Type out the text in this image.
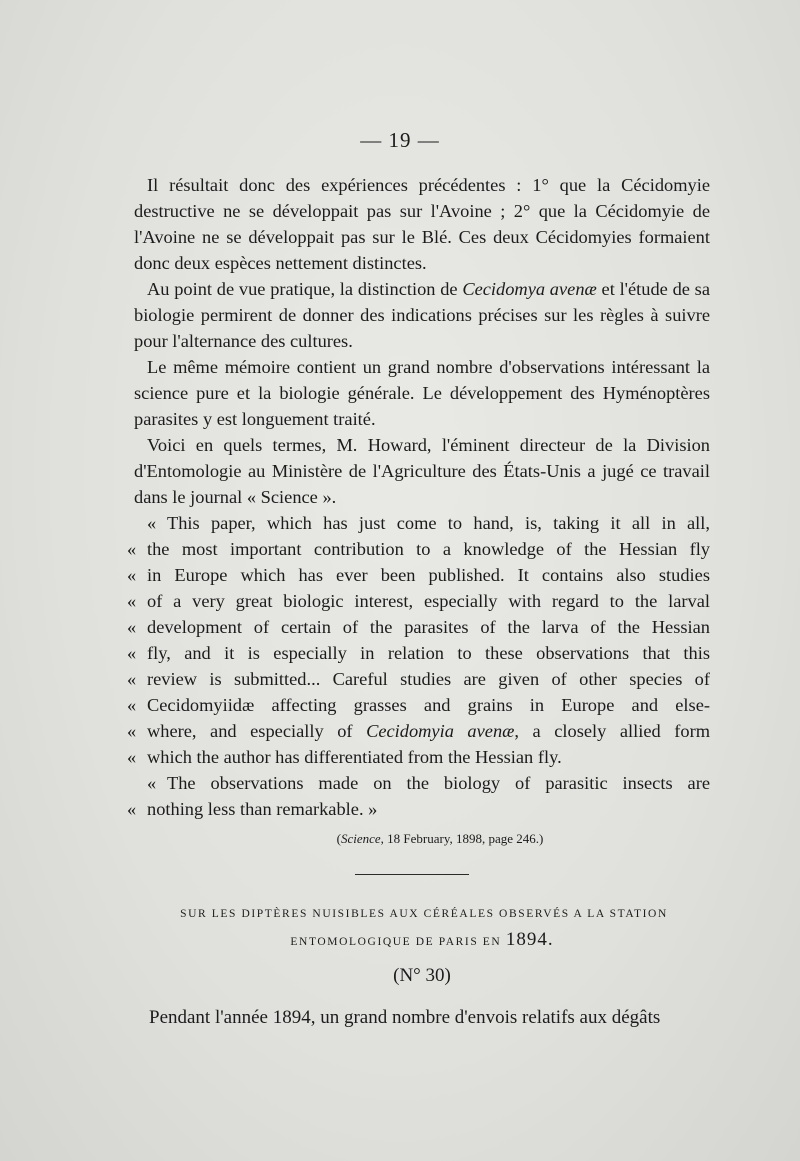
— 19 —

Il résultait donc des expériences précédentes : 1° que la Cécidomyie destructive ne se développait pas sur l'Avoine ; 2° que la Cécidomyie de l'Avoine ne se développait pas sur le Blé. Ces deux Cécidomyies formaient donc deux espèces nettement distinctes.

Au point de vue pratique, la distinction de Cecidomya avenæ et l'étude de sa biologie permirent de donner des indications précises sur les règles à suivre pour l'alternance des cultures.

Le même mémoire contient un grand nombre d'observations intéressant la science pure et la biologie générale. Le développement des Hyménoptères parasites y est longuement traité.

Voici en quels termes, M. Howard, l'éminent directeur de la Division d'Entomologie au Ministère de l'Agriculture des États-Unis a jugé ce travail dans le journal « Science ».

« This paper, which has just come to hand, is, taking it all in all,
« the most important contribution to a knowledge of the Hessian fly
« in Europe which has ever been published. It contains also studies
« of a very great biologic interest, especially with regard to the larval
« development of certain of the parasites of the larva of the Hessian
« fly, and it is especially in relation to these observations that this
« review is submitted... Careful studies are given of other species of
« Cecidomyiidæ affecting grasses and grains in Europe and else-
« where, and especially of Cecidomyia avenæ, a closely allied form
« which the author has differentiated from the Hessian fly.
« The observations made on the biology of parasitic insects are
« nothing less than remarkable. »
(Science, 18 February, 1898, page 246.)
SUR LES DIPTÈRES NUISIBLES AUX CÉRÉALES OBSERVÉS A LA STATION
ENTOMOLOGIQUE DE PARIS EN 1894.
(N° 30)

Pendant l'année 1894, un grand nombre d'envois relatifs aux dégâts
